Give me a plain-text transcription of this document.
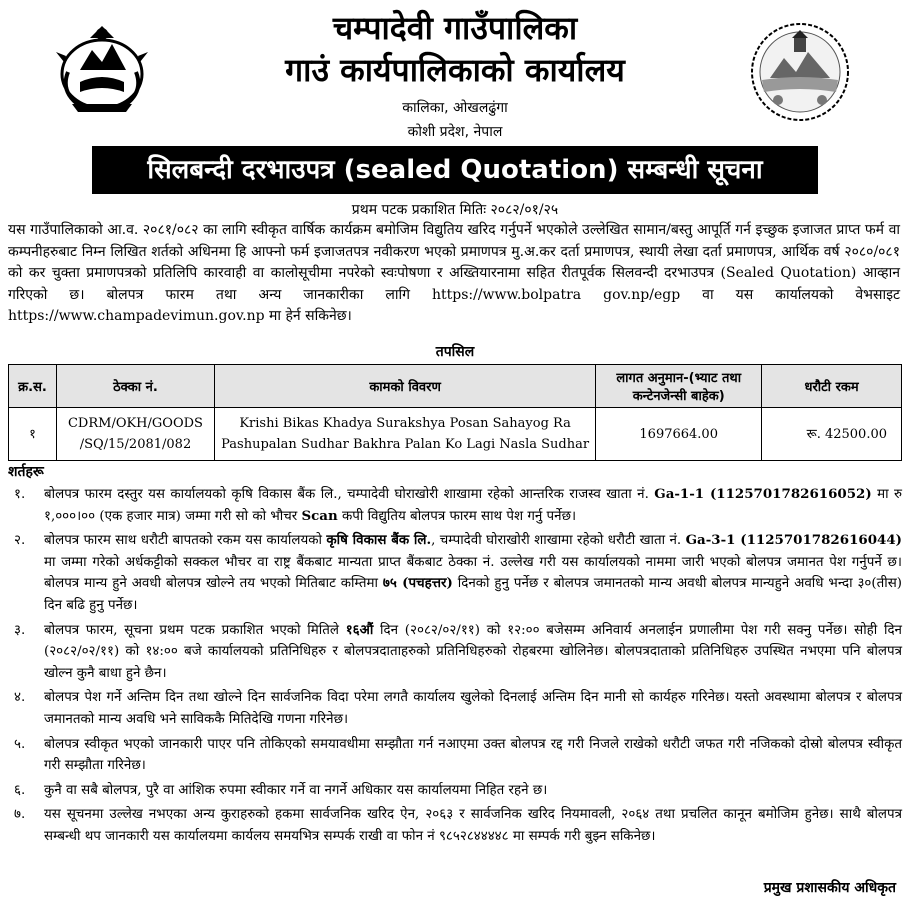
चम्पादेवी गाउँपालिका
गाउं कार्यपालिकाको कार्यालय
कालिका, ओखलढुंगा
कोशी प्रदेश, नेपाल
सिलबन्दी दरभाउपत्र (sealed Quotation) सम्बन्धी सूचना
प्रथम पटक प्रकाशित मितिः २०८२/०१/२५
यस गाउँपालिकाको आ.व. २०८१/०८२ का लागि स्वीकृत वार्षिक कार्यक्रम बमोजिम विद्युतिय खरिद गर्नुपर्ने भएकोले उल्लेखित सामान/बस्तु आपूर्ति गर्न इच्छुक इजाजत प्राप्त फर्म वा कम्पनीहरुबाट निम्न लिखित शर्तको अधिनमा हि आफ्नो फर्म इजाजतपत्र नवीकरण भएको प्रमाणपत्र मु.अ.कर दर्ता प्रमाणपत्र, स्थायी लेखा दर्ता प्रमाणपत्र, आर्थिक वर्ष २०८०/०८१ को कर चुक्ता प्रमाणपत्रको प्रतिलिपि कारवाही वा कालोसूचीमा नपरेको स्वःपोषणा र अख्तियारनामा सहित रीतपूर्वक सिलवन्दी दरभाउपत्र (Sealed Quotation) आव्हान गरिएको छ। बोलपत्र फारम तथा अन्य जानकारीका लागि https://www.bolpatra gov.np/egp वा यस कार्यालयको वेभसाइट https://www.champadevimun.gov.np मा हेर्न सकिनेछ।
तपसिल
क्र.स.	ठेक्का नं.	कामको विवरण	लागत अनुमान-(भ्याट तथा कन्टेनजेन्सी बाहेक)	धरौटी रकम
१	CDRM/OKH/GOODS /SQ/15/2081/082	Krishi Bikas Khadya Surakshya Posan Sahayog Ra Pashupalan Sudhar Bakhra Palan Ko Lagi Nasla Sudhar	1697664.00	रू. 42500.00
शर्तहरू
१.	बोलपत्र फारम दस्तुर यस कार्यालयको कृषि विकास बैंक लि., चम्पादेवी घोराखोरी शाखामा रहेको आन्तरिक राजस्व खाता नं. Ga-1-1 (1125701782616052) मा रु १,०००।०० (एक हजार मात्र) जम्मा गरी सो को भौचर Scan कपी विद्युतिय बोलपत्र फारम साथ पेश गर्नु पर्नेछ।
२.	बोलपत्र फारम साथ धरौटी बापतको रकम यस कार्यालयको कृषि विकास बैंक लि., चम्पादेवी घोराखोरी शाखामा रहेको धरौटी खाता नं. Ga-3-1 (1125701782616044) मा जम्मा गरेको अर्धकट्टीको सक्कल भौचर वा राष्ट्र बैंकबाट मान्यता प्राप्त बैंकबाट ठेक्का नं. उल्लेख गरी यस कार्यालयको नाममा जारी भएको बोलपत्र जमानत पेश गर्नुपर्ने छ। बोलपत्र मान्य हुने अवधी बोलपत्र खोल्ने तय भएको मितिबाट कम्तिमा ७५ (पचहत्तर) दिनको हुनु पर्नेछ र बोलपत्र जमानतको मान्य अवधी बोलपत्र मान्यहुने अवधि भन्दा ३०(तीस) दिन बढि हुनु पर्नेछ।
३.	बोलपत्र फारम, सूचना प्रथम पटक प्रकाशित भएको मितिले १६औं दिन (२०८२/०२/११) को १२:०० बजेसम्म अनिवार्य अनलाईन प्रणालीमा पेश गरी सक्नु पर्नेछ। सोही दिन (२०८२/०२/११) को १४:०० बजे कार्यालयको प्रतिनिधिहरु र बोलपत्रदाताहरुको प्रतिनिधिहरुको रोहबरमा खोलिनेछ। बोलपत्रदाताको प्रतिनिधिहरु उपस्थित नभएमा पनि बोलपत्र खोल्न कुनै बाधा हुने छैन।
४.	बोलपत्र पेश गर्ने अन्तिम दिन तथा खोल्ने दिन सार्वजनिक विदा परेमा लगतै कार्यालय खुलेको दिनलाई अन्तिम दिन मानी सो कार्यहरु गरिनेछ। यस्तो अवस्थामा बोलपत्र र बोलपत्र जमानतको मान्य अवधि भने साविककै मितिदेखि गणना गरिनेछ।
५.	बोलपत्र स्वीकृत भएको जानकारी पाएर पनि तोकिएको समयावधीमा सम्झौता गर्न नआएमा उक्त बोलपत्र रद्द गरी निजले राखेको धरौटी जफत गरी नजिकको दोस्रो बोलपत्र स्वीकृत गरी सम्झौता गरिनेछ।
६.	कुनै वा सबै बोलपत्र, पुरै वा आंशिक रुपमा स्वीकार गर्ने वा नगर्ने अधिकार यस कार्यालयमा निहित रहने छ।
७.	यस सूचनमा उल्लेख नभएका अन्य कुराहरुको हकमा सार्वजनिक खरिद ऐन, २०६३ र सार्वजनिक खरिद नियमावली, २०६४ तथा प्रचलित कानून बमोजिम हुनेछ। साथै बोलपत्र सम्बन्धी थप जानकारी यस कार्यालयमा कार्यलय समयभित्र सम्पर्क राखी वा फोन नं ९८५२८४४४४८ मा सम्पर्क गरी बुझ्न सकिनेछ।
प्रमुख प्रशासकीय अधिकृत
